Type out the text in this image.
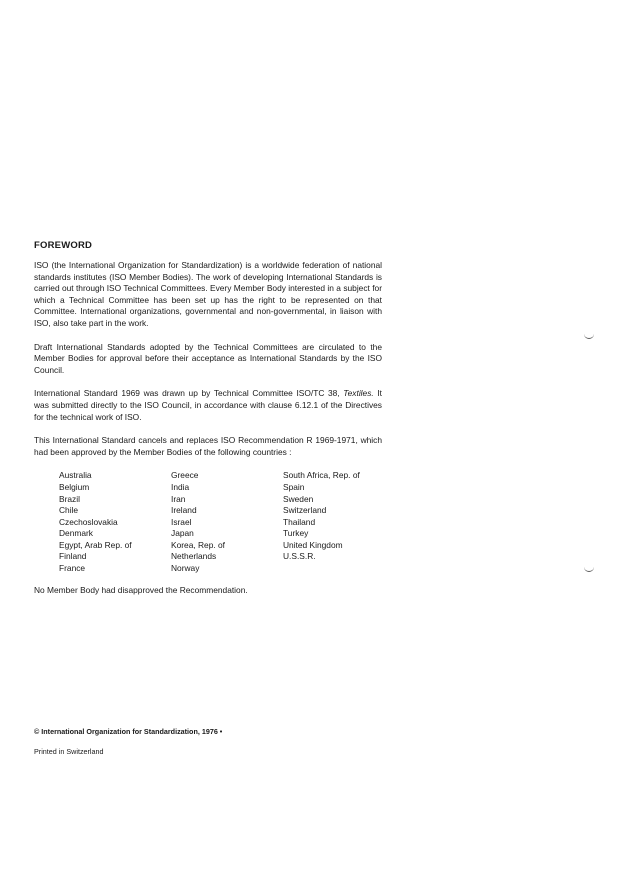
FOREWORD

ISO (the International Organization for Standardization) is a worldwide federation of national standards institutes (ISO Member Bodies). The work of developing International Standards is carried out through ISO Technical Committees. Every Member Body interested in a subject for which a Technical Committee has been set up has the right to be represented on that Committee. International organizations, governmental and non-governmental, in liaison with ISO, also take part in the work.

Draft International Standards adopted by the Technical Committees are circulated to the Member Bodies for approval before their acceptance as International Standards by the ISO Council.

International Standard 1969 was drawn up by Technical Committee ISO/TC 38, Textiles. It was submitted directly to the ISO Council, in accordance with clause 6.12.1 of the Directives for the technical work of ISO.

This International Standard cancels and replaces ISO Recommendation R 1969-1971, which had been approved by the Member Bodies of the following countries :

Australia
Belgium
Brazil
Chile
Czechoslovakia
Denmark
Egypt, Arab Rep. of
Finland
France
Greece
India
Iran
Ireland
Israel
Japan
Korea, Rep. of
Netherlands
Norway
South Africa, Rep. of
Spain
Sweden
Switzerland
Thailand
Turkey
United Kingdom
U.S.S.R.

No Member Body had disapproved the Recommendation.

© International Organization for Standardization, 1976 •
Printed in Switzerland
